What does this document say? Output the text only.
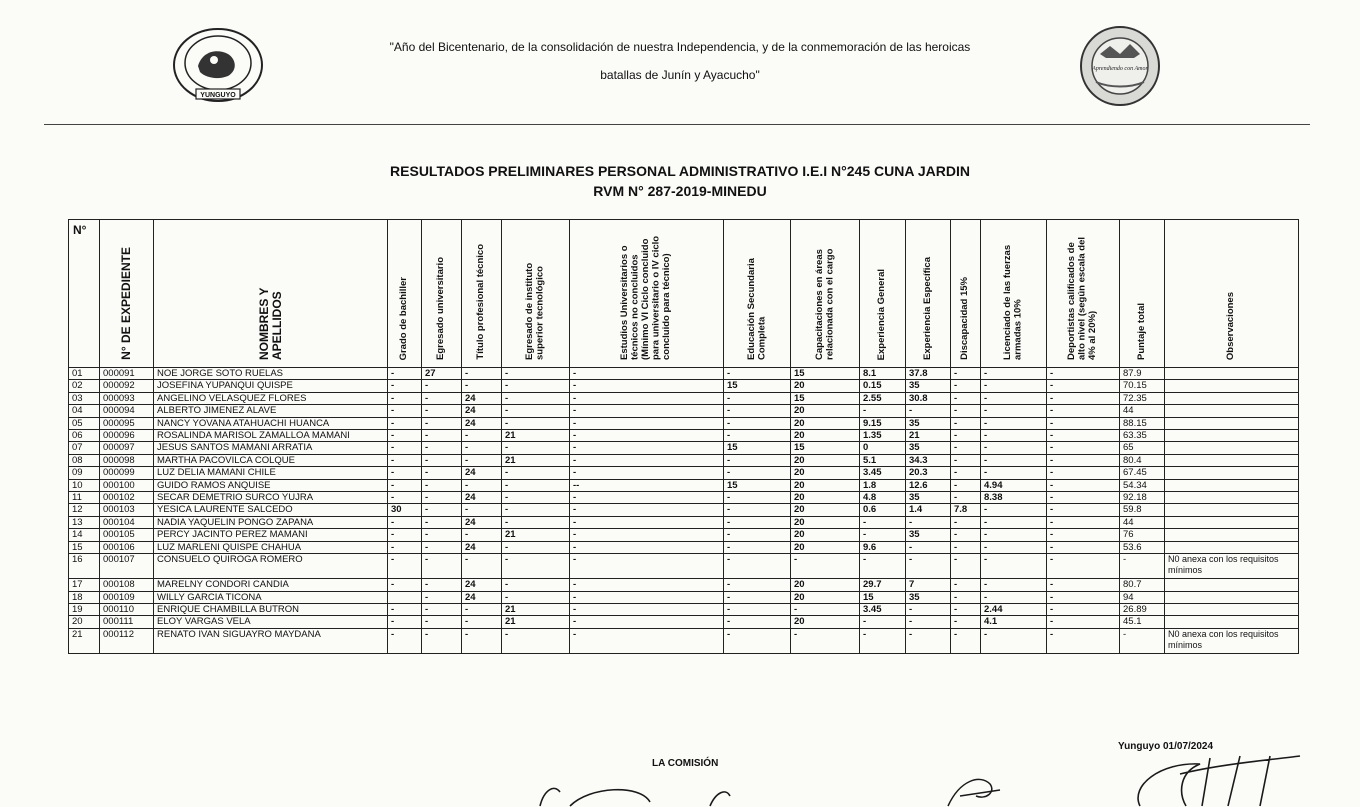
YUNGUYO
"Año del Bicentenario, de la consolidación de nuestra Independencia, y de la conmemoración de las heroicas
batallas de Junín y Ayacucho"	Aprendiendo con Amor
RESULTADOS PRELIMINARES PERSONAL ADMINISTRATIVO I.E.I N°245 CUNA JARDIN
RVM N° 287-2019-MINEDU
N°	N° DE EXPEDIENTE	NOMBRES Y APELLIDOS	Grado de bachiller	Egresado universitario	Título profesional técnico	Egresado de instituto superior tecnológico	Estudios Universitarios o técnicos no concluidos (Mínimo VI Ciclo concluido para universitario o IV ciclo concluido para técnico)	Educación Secundaria Completa	Capacitaciones en áreas relacionada con el cargo	Experiencia General	Experiencia Específica	Discapacidad 15%	Licenciado de las fuerzas armadas 10%	Deportistas calificados de alto nivel (según escala del 4% al 20%)	Puntaje total	Observaciones
01	000091	NOE JORGE SOTO RUELAS	-	27	-	-	-	-	15	8.1	37.8	-	-	-	87.9	
02	000092	JOSEFINA YUPANQUI QUISPE	-	-	-	-	-	15	20	0.15	35	-	-	-	70.15	
03	000093	ANGELINO VELASQUEZ FLORES	-	-	24	-	-	-	15	2.55	30.8	-	-	-	72.35	
04	000094	ALBERTO JIMENEZ ALAVE	-	-	24	-	-	-	20	-	-	-	-	-	44	
05	000095	NANCY YOVANA ATAHUACHI HUANCA	-	-	24	-	-	-	20	9.15	35	-	-	-	88.15	
06	000096	ROSALINDA MARISOL ZAMALLOA MAMANI	-	-	-	21	-	-	20	1.35	21	-	-	-	63.35	
07	000097	JESUS SANTOS MAMANI ARRATIA	-	-	-	-	-	15	15	0	35	-	-	-	65	
08	000098	MARTHA PACOVILCA COLQUE	-	-	-	21	-	-	20	5.1	34.3	-	-	-	80.4	
09	000099	LUZ DELIA MAMANI CHILE	-	-	24	-	-	-	20	3.45	20.3	-	-	-	67.45	
10	000100	GUIDO RAMOS ANQUISE	-	-	-	-	--	15	20	1.8	12.6	-	4.94	-	54.34	
11	000102	SECAR DEMETRIO SURCO YUJRA	-	-	24	-	-	-	20	4.8	35	-	8.38	-	92.18	
12	000103	YESICA LAURENTE SALCEDO	30	-	-	-	-	-	20	0.6	1.4	7.8	-	-	59.8	
13	000104	NADIA YAQUELIN PONGO ZAPANA	-	-	24	-	-	-	20	-	-	-	-	-	44	
14	000105	PERCY JACINTO PEREZ MAMANI	-	-	-	21	-	-	20	-	35	-	-	-	76	
15	000106	LUZ MARLENI QUISPE CHAHUA	-	-	24	-	-	-	20	9.6	-	-	-	-	53.6	
16	000107	CONSUELO QUIROGA ROMERO	-	-	-	-	-	-	-	-	-	-	-	-	-	N0 anexa con los requisitos mínimos
17	000108	MARELNY CONDORI CANDIA	-	-	24	-	-	-	20	29.7	7	-	-	-	80.7	
18	000109	WILLY GARCIA TICONA		-	24	-	-	-	20	15	35	-	-	-	94	
19	000110	ENRIQUE CHAMBILLA BUTRON	-	-	-	21	-	-	-	3.45	-	-	2.44	-	26.89	
20	000111	ELOY VARGAS VELA	-	-	-	21	-	-	20	-	-	-	4.1	-	45.1	
21	000112	RENATO IVAN SIGUAYRO MAYDANA	-	-	-	-	-	-	-	-	-	-	-	-	-	N0 anexa con los requisitos mínimos
Yunguyo 01/07/2024
LA COMISIÓN
